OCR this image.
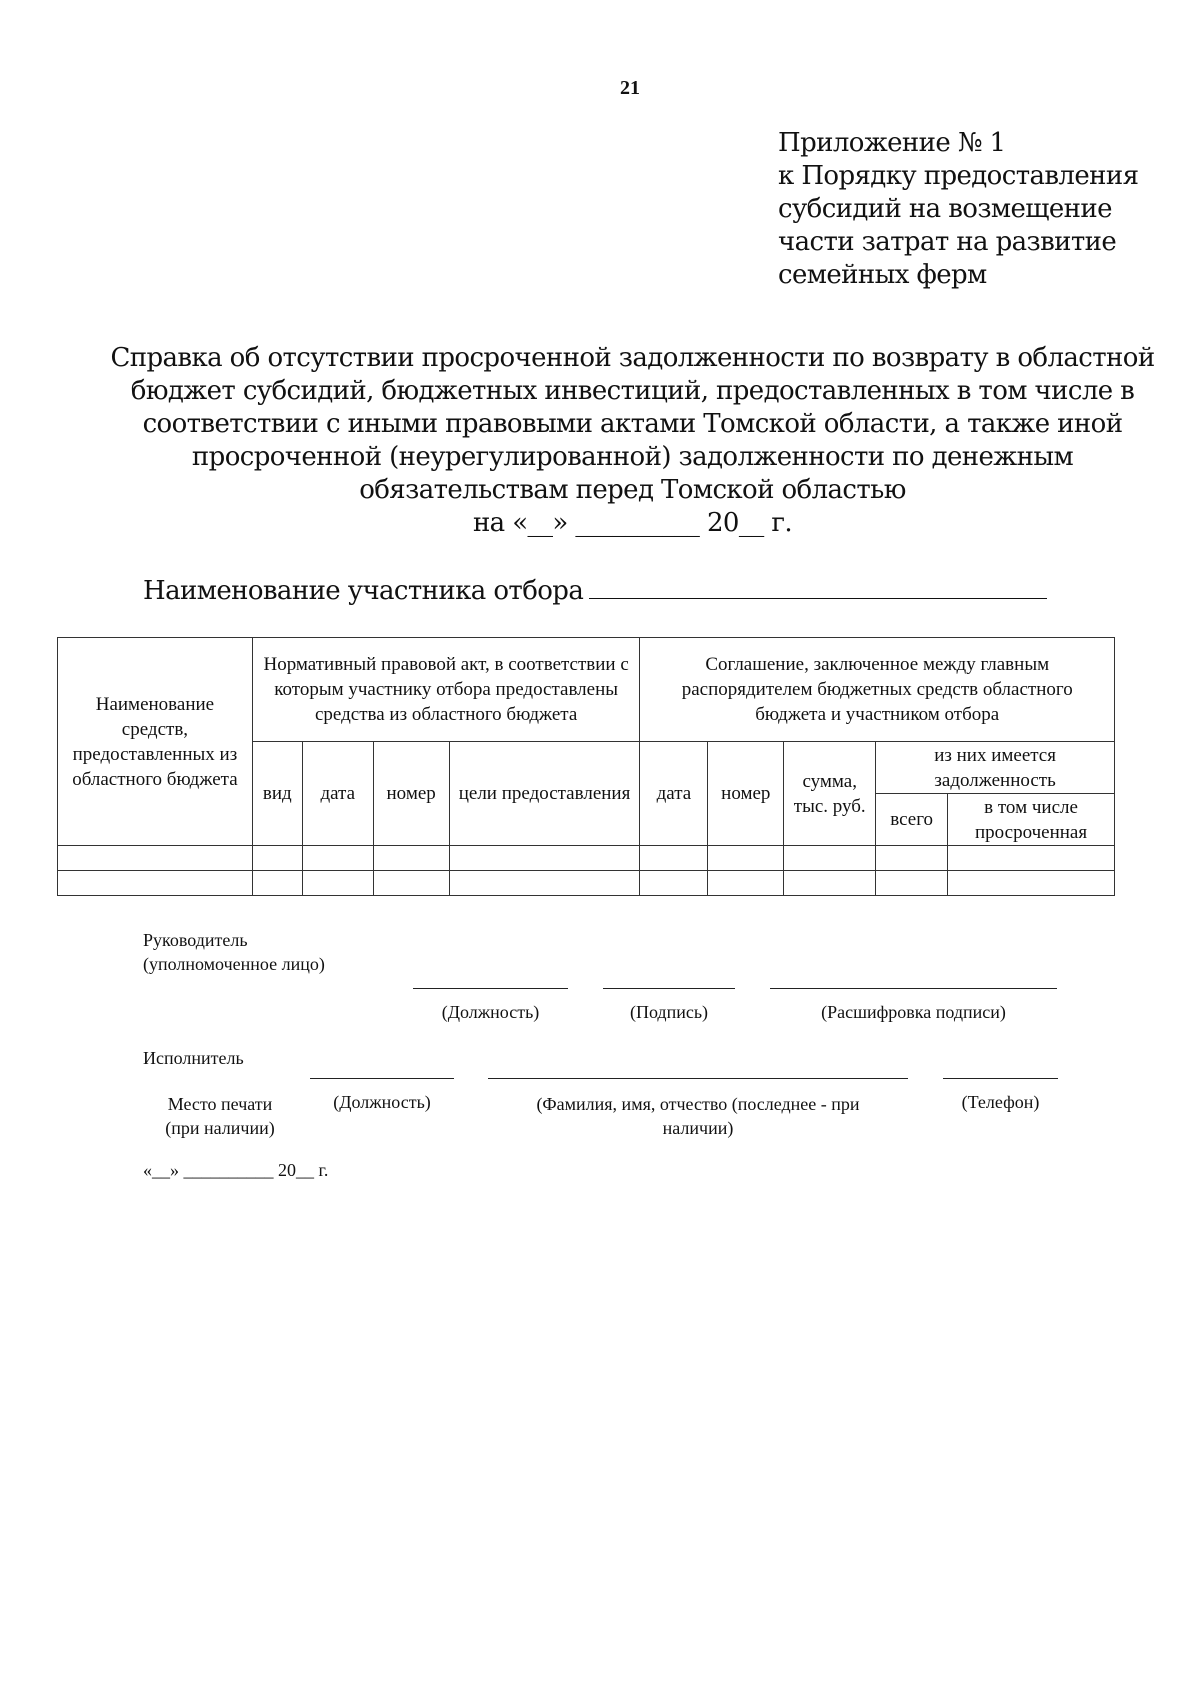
21
Приложение № 1
к Порядку предоставления
субсидий на возмещение
части затрат на развитие
семейных ферм
Справка об отсутствии просроченной задолженности по возврату в областной
бюджет субсидий, бюджетных инвестиций, предоставленных в том числе в
соответствии с иными правовыми актами Томской области, а также иной
просроченной (неурегулированной) задолженности по денежным
обязательствам перед Томской областью
на «__» __________ 20__ г.
Наименование участника отбора
Наименование средств, предоставленных из областного бюджета	Нормативный правовой акт, в соответствии с которым участнику отбора предоставлены средства из областного бюджета				Соглашение, заключенное между главным распорядителем бюджетных средств областного бюджета и участником отбора				
	вид	дата	номер	цели предоставления	дата	номер	сумма, тыс. руб.	из них имеется задолженность	
								всего	в том числе просроченная

Руководитель
(уполномоченное лицо)
(Должность)	(Подпись)	(Расшифровка подписи)
Исполнитель
Место печати
(при наличии)
(Должность)	(Фамилия, имя, отчество (последнее - при
наличии)
(Телефон)
«__» __________ 20__ г.
